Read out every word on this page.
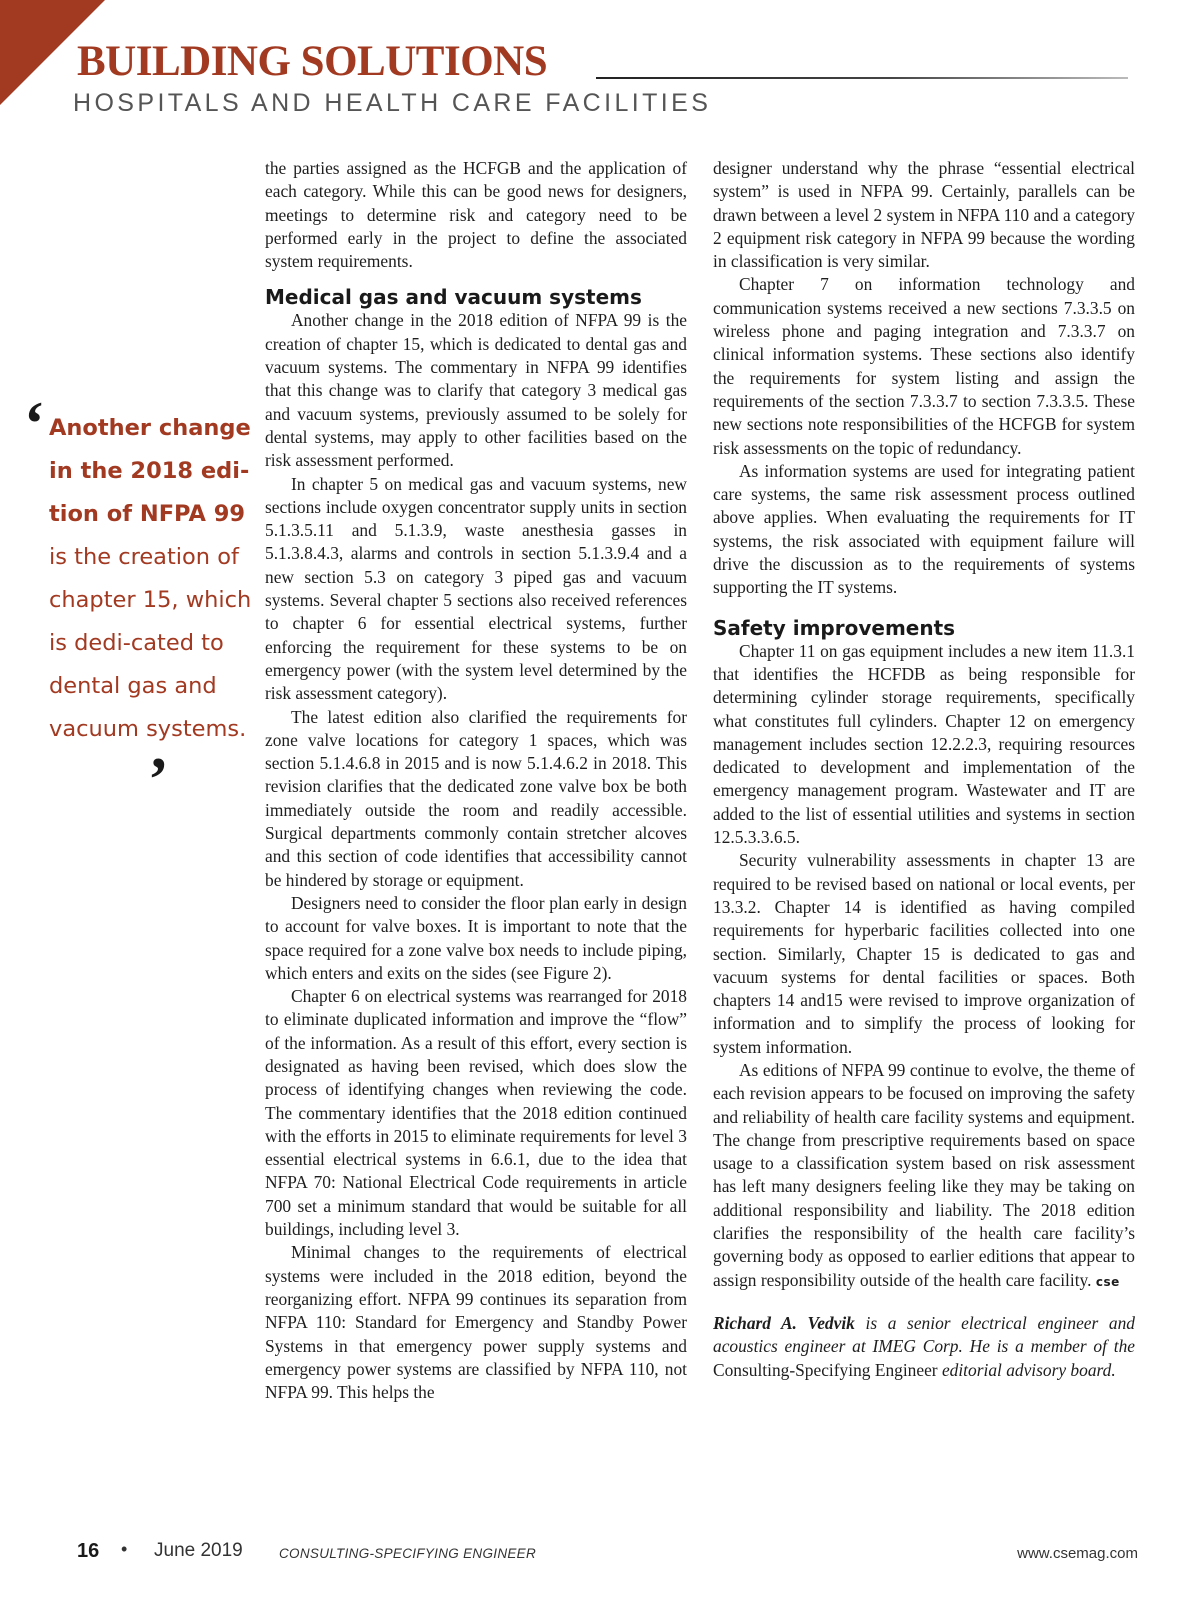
BUILDING SOLUTIONS
HOSPITALS AND HEALTH CARE FACILITIES
‘ Another change in the 2018 edi-tion of NFPA 99 is the creation of chapter 15, which is dedi-cated to dental gas and vacuum systems.
’

the parties assigned as the HCFGB and the application of each category. While this can be good news for designers, meetings to determine risk and category need to be performed early in the project to define the associated system requirements.

Medical gas and vacuum systems

Another change in the 2018 edition of NFPA 99 is the creation of chapter 15, which is dedicated to dental gas and vacuum systems. The commentary in NFPA 99 identifies that this change was to clarify that category 3 medical gas and vacuum systems, previously assumed to be solely for dental systems, may apply to other facilities based on the risk assessment performed.

In chapter 5 on medical gas and vacuum systems, new sections include oxygen concentrator supply units in section 5.1.3.5.11 and 5.1.3.9, waste anesthesia gasses in 5.1.3.8.4.3, alarms and controls in section 5.1.3.9.4 and a new section 5.3 on category 3 piped gas and vacuum systems. Several chapter 5 sections also received references to chapter 6 for essential electrical systems, further enforcing the requirement for these systems to be on emergency power (with the system level determined by the risk assessment category).

The latest edition also clarified the requirements for zone valve locations for category 1 spaces, which was section 5.1.4.6.8 in 2015 and is now 5.1.4.6.2 in 2018. This revision clarifies that the dedicated zone valve box be both immediately outside the room and readily accessible. Surgical departments commonly contain stretcher alcoves and this section of code identifies that accessibility cannot be hindered by storage or equipment.

Designers need to consider the floor plan early in design to account for valve boxes. It is important to note that the space required for a zone valve box needs to include piping, which enters and exits on the sides (see Figure 2).

Chapter 6 on electrical systems was rearranged for 2018 to eliminate duplicated information and improve the “flow” of the information. As a result of this effort, every section is designated as having been revised, which does slow the process of identifying changes when reviewing the code. The commentary identifies that the 2018 edition continued with the efforts in 2015 to eliminate requirements for level 3 essential electrical systems in 6.6.1, due to the idea that NFPA 70: National Electrical Code requirements in article 700 set a minimum standard that would be suitable for all buildings, including level 3.

Minimal changes to the requirements of electrical systems were included in the 2018 edition, beyond the reorganizing effort. NFPA 99 continues its separation from NFPA 110: Standard for Emergency and Standby Power Systems in that emergency power supply systems and emergency power systems are classified by NFPA 110, not NFPA 99. This helps the

designer understand why the phrase “essential electrical system” is used in NFPA 99. Certainly, parallels can be drawn between a level 2 system in NFPA 110 and a category 2 equipment risk category in NFPA 99 because the wording in classification is very similar.

Chapter 7 on information technology and communication systems received a new sections 7.3.3.5 on wireless phone and paging integration and 7.3.3.7 on clinical information systems. These sections also identify the requirements for system listing and assign the requirements of the section 7.3.3.7 to section 7.3.3.5. These new sections note responsibilities of the HCFGB for system risk assessments on the topic of redundancy.

As information systems are used for integrating patient care systems, the same risk assessment process outlined above applies. When evaluating the requirements for IT systems, the risk associated with equipment failure will drive the discussion as to the requirements of systems supporting the IT systems.

Safety improvements

Chapter 11 on gas equipment includes a new item 11.3.1 that identifies the HCFDB as being responsible for determining cylinder storage requirements, specifically what constitutes full cylinders. Chapter 12 on emergency management includes section 12.2.2.3, requiring resources dedicated to development and implementation of the emergency management program. Wastewater and IT are added to the list of essential utilities and systems in section 12.5.3.3.6.5.

Security vulnerability assessments in chapter 13 are required to be revised based on national or local events, per 13.3.2. Chapter 14 is identified as having compiled requirements for hyperbaric facilities collected into one section. Similarly, Chapter 15 is dedicated to gas and vacuum systems for dental facilities or spaces. Both chapters 14 and15 were revised to improve organization of information and to simplify the process of looking for system information.

As editions of NFPA 99 continue to evolve, the theme of each revision appears to be focused on improving the safety and reliability of health care facility systems and equipment. The change from prescriptive requirements based on space usage to a classification system based on risk assessment has left many designers feeling like they may be taking on additional responsibility and liability. The 2018 edition clarifies the responsibility of the health care facility’s governing body as opposed to earlier editions that appear to assign responsibility outside of the health care facility. cse

Richard A. Vedvik is a senior electrical engineer and acoustics engineer at IMEG Corp. He is a member of the Consulting-Specifying Engineer editorial advisory board.

16 • June 2019	CONSULTING-SPECIFYING ENGINEER	www.csemag.com
